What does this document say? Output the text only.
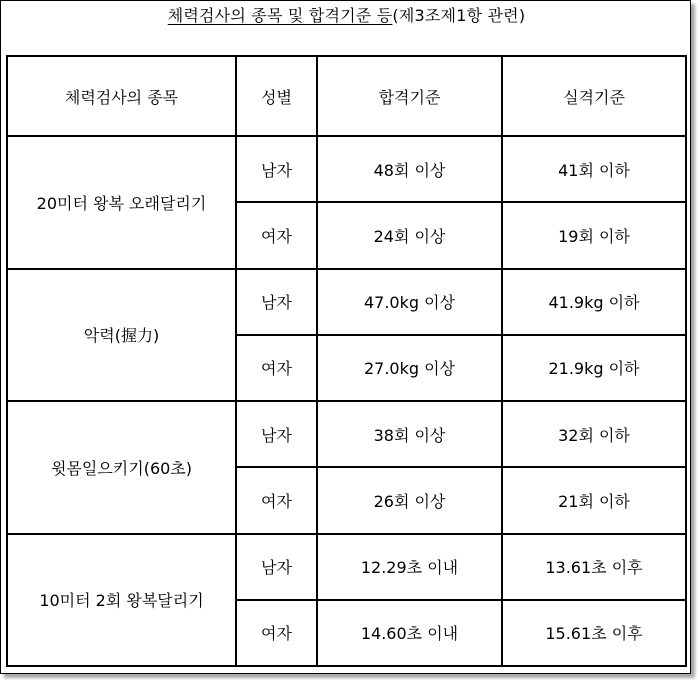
체력검사의 종목 및 합격기준 등(제3조제1항 관련)
체력검사의 종목	성별	합격기준	실격기준
20미터 왕복 오래달리기	남자	48회 이상	41회 이하
	여자	24회 이상	19회 이하
악력(握力)	남자	47.0kg 이상	41.9kg 이하
	여자	27.0kg 이상	21.9kg 이하
윗몸일으키기(60초)	남자	38회 이상	32회 이하
	여자	26회 이상	21회 이하
10미터 2회 왕복달리기	남자	12.29초 이내	13.61초 이후
	여자	14.60초 이내	15.61초 이후
